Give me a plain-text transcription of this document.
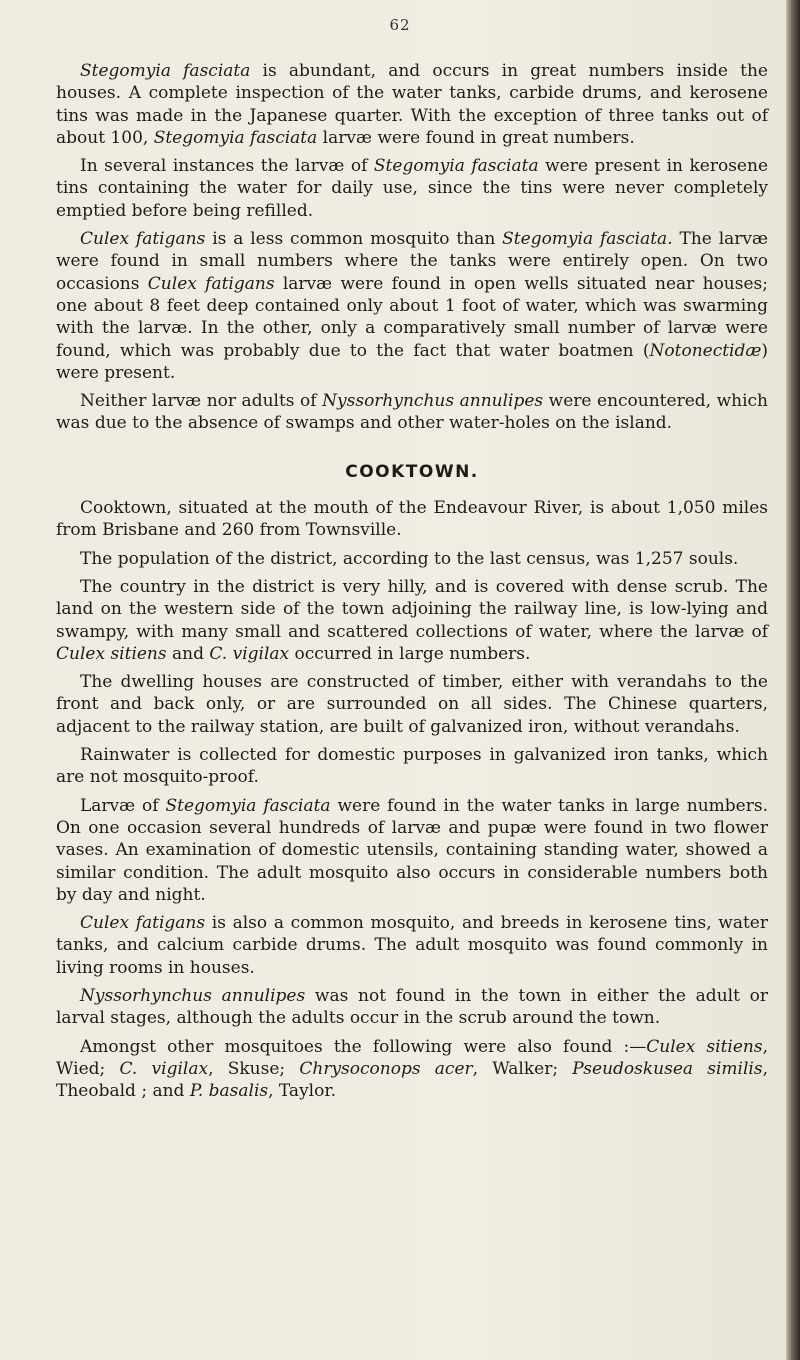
62

Stegomyia fasciata is abundant, and occurs in great numbers inside the houses. A complete inspection of the water tanks, carbide drums, and kerosene tins was made in the Japanese quarter. With the exception of three tanks out of about 100, Stegomyia fasciata larvæ were found in great numbers.

In several instances the larvæ of Stegomyia fasciata were present in kerosene tins containing the water for daily use, since the tins were never completely emptied before being refilled.

Culex fatigans is a less common mosquito than Stegomyia fasciata. The larvæ were found in small numbers where the tanks were entirely open. On two occasions Culex fatigans larvæ were found in open wells situated near houses; one about 8 feet deep contained only about 1 foot of water, which was swarming with the larvæ. In the other, only a comparatively small number of larvæ were found, which was probably due to the fact that water boatmen (Notonectidæ) were present.

Neither larvæ nor adults of Nyssorhynchus annulipes were encountered, which was due to the absence of swamps and other water-holes on the island.

COOKTOWN.

Cooktown, situated at the mouth of the Endeavour River, is about 1,050 miles from Brisbane and 260 from Townsville.

The population of the district, according to the last census, was 1,257 souls.

The country in the district is very hilly, and is covered with dense scrub. The land on the western side of the town adjoining the railway line, is low-lying and swampy, with many small and scattered collections of water, where the larvæ of Culex sitiens and C. vigilax occurred in large numbers.

The dwelling houses are constructed of timber, either with verandahs to the front and back only, or are surrounded on all sides. The Chinese quarters, adjacent to the railway station, are built of galvanized iron, without verandahs.

Rainwater is collected for domestic purposes in galvanized iron tanks, which are not mosquito-proof.

Larvæ of Stegomyia fasciata were found in the water tanks in large numbers. On one occasion several hundreds of larvæ and pupæ were found in two flower vases. An examination of domestic utensils, containing standing water, showed a similar condition. The adult mosquito also occurs in considerable numbers both by day and night.

Culex fatigans is also a common mosquito, and breeds in kerosene tins, water tanks, and calcium carbide drums. The adult mosquito was found commonly in living rooms in houses.

Nyssorhynchus annulipes was not found in the town in either the adult or larval stages, although the adults occur in the scrub around the town.

Amongst other mosquitoes the following were also found :—Culex sitiens, Wied; C. vigilax, Skuse; Chrysoconops acer, Walker; Pseudoskusea similis, Theobald ; and P. basalis, Taylor.
